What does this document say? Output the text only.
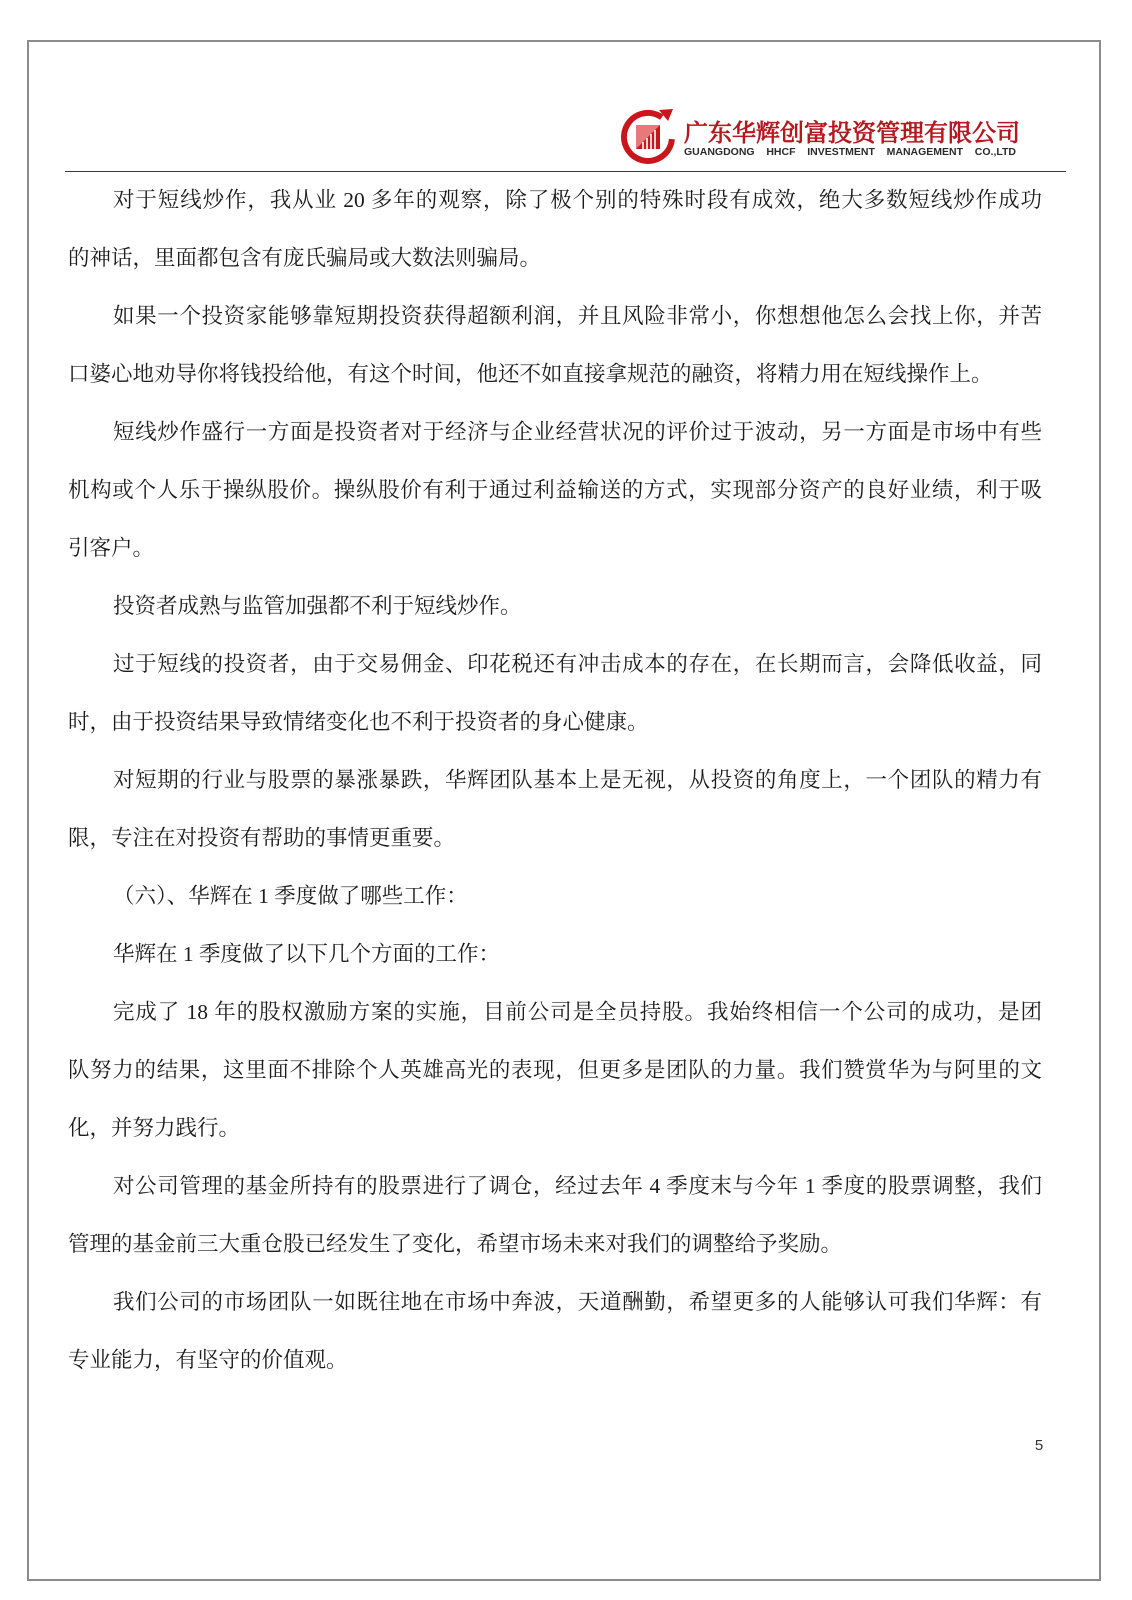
广东华辉创富投资管理有限公司
GUANGDONG HHCF INVESTMENT MANAGEMENT CO.,LTD
对于短线炒作，我从业 20 多年的观察，除了极个别的特殊时段有成效，绝大多数短线炒作成功
的神话，里面都包含有庞氏骗局或大数法则骗局。
如果一个投资家能够靠短期投资获得超额利润，并且风险非常小，你想想他怎么会找上你，并苦
口婆心地劝导你将钱投给他，有这个时间，他还不如直接拿规范的融资，将精力用在短线操作上。
短线炒作盛行一方面是投资者对于经济与企业经营状况的评价过于波动，另一方面是市场中有些
机构或个人乐于操纵股价。操纵股价有利于通过利益输送的方式，实现部分资产的良好业绩，利于吸
引客户。
投资者成熟与监管加强都不利于短线炒作。
过于短线的投资者，由于交易佣金、印花税还有冲击成本的存在，在长期而言，会降低收益，同
时，由于投资结果导致情绪变化也不利于投资者的身心健康。
对短期的行业与股票的暴涨暴跌，华辉团队基本上是无视，从投资的角度上，一个团队的精力有
限，专注在对投资有帮助的事情更重要。
（六）、华辉在 1 季度做了哪些工作：
华辉在 1 季度做了以下几个方面的工作：
完成了 18 年的股权激励方案的实施，目前公司是全员持股。我始终相信一个公司的成功，是团
队努力的结果，这里面不排除个人英雄高光的表现，但更多是团队的力量。我们赞赏华为与阿里的文
化，并努力践行。
对公司管理的基金所持有的股票进行了调仓，经过去年 4 季度末与今年 1 季度的股票调整，我们
管理的基金前三大重仓股已经发生了变化，希望市场未来对我们的调整给予奖励。
我们公司的市场团队一如既往地在市场中奔波，天道酬勤，希望更多的人能够认可我们华辉：有
专业能力，有坚守的价值观。
5
